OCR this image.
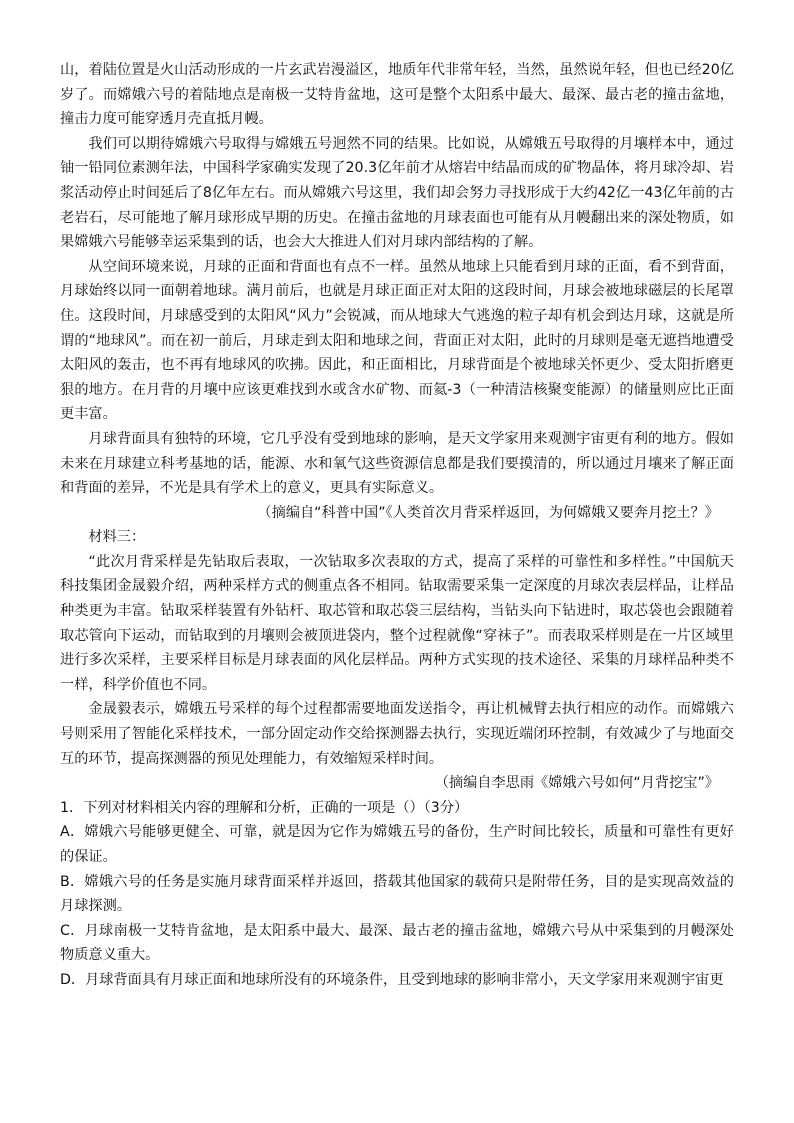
山，着陆位置是火山活动形成的一片玄武岩漫溢区，地质年代非常年轻，当然，虽然说年轻，但也已经20亿岁了。而嫦娥六号的着陆地点是南极一艾特肯盆地，这可是整个太阳系中最大、最深、最古老的撞击盆地，撞击力度可能穿透月壳直抵月幔。

我们可以期待嫦娥六号取得与嫦娥五号迥然不同的结果。比如说，从嫦娥五号取得的月壤样本中，通过铀一铅同位素测年法，中国科学家确实发现了20.3亿年前才从熔岩中结晶而成的矿物晶体，将月球冷却、岩浆活动停止时间延后了8亿年左右。而从嫦娥六号这里，我们却会努力寻找形成于大约42亿一43亿年前的古老岩石，尽可能地了解月球形成早期的历史。在撞击盆地的月球表面也可能有从月幔翻出来的深处物质，如果嫦娥六号能够幸运采集到的话，也会大大推进人们对月球内部结构的了解。

从空间环境来说，月球的正面和背面也有点不一样。虽然从地球上只能看到月球的正面，看不到背面，月球始终以同一面朝着地球。满月前后，也就是月球正面正对太阳的这段时间，月球会被地球磁层的长尾罩住。这段时间，月球感受到的太阳风“风力”会锐减，而从地球大气逃逸的粒子却有机会到达月球，这就是所谓的“地球风”。而在初一前后，月球走到太阳和地球之间，背面正对太阳，此时的月球则是毫无遮挡地遭受太阳风的轰击，也不再有地球风的吹拂。因此，和正面相比，月球背面是个被地球关怀更少、受太阳折磨更狠的地方。在月背的月壤中应该更难找到水或含水矿物、而氦-3（一种清洁核聚变能源）的储量则应比正面更丰富。

月球背面具有独特的环境，它几乎没有受到地球的影响，是天文学家用来观测宇宙更有利的地方。假如未来在月球建立科考基地的话，能源、水和氧气这些资源信息都是我们要摸清的，所以通过月壤来了解正面和背面的差异，不光是具有学术上的意义，更具有实际意义。

（摘编自“科普中国”《人类首次月背采样返回，为何嫦娥又要奔月挖土？》

材料三：

“此次月背采样是先钻取后表取，一次钻取多次表取的方式，提高了采样的可靠性和多样性。”中国航天科技集团金晟毅介绍，两种采样方式的侧重点各不相同。钻取需要采集一定深度的月球次表层样品，让样品种类更为丰富。钻取采样装置有外钻杆、取芯管和取芯袋三层结构，当钻头向下钻进时，取芯袋也会跟随着取芯管向下运动，而钻取到的月壤则会被顶进袋内，整个过程就像“穿袜子”。而表取采样则是在一片区域里进行多次采样，主要采样目标是月球表面的风化层样品。两种方式实现的技术途径、采集的月球样品种类不一样，科学价值也不同。

金晟毅表示，嫦娥五号采样的每个过程都需要地面发送指令，再让机械臂去执行相应的动作。而嫦娥六号则采用了智能化采样技术，一部分固定动作交给探测器去执行，实现近端闭环控制，有效减少了与地面交互的环节，提高探测器的预见处理能力，有效缩短采样时间。

（摘编自李思雨《嫦娥六号如何“月背挖宝”》

1．下列对材料相关内容的理解和分析，正确的一项是（）（3分）

A．嫦娥六号能够更健全、可靠，就是因为它作为嫦娥五号的备份，生产时间比较长，质量和可靠性有更好的保证。

B．嫦娥六号的任务是实施月球背面采样并返回，搭载其他国家的载荷只是附带任务，目的是实现高效益的月球探测。

C．月球南极一艾特肯盆地，是太阳系中最大、最深、最古老的撞击盆地，嫦娥六号从中采集到的月幔深处物质意义重大。

D．月球背面具有月球正面和地球所没有的环境条件，且受到地球的影响非常小，天文学家用来观测宇宙更
